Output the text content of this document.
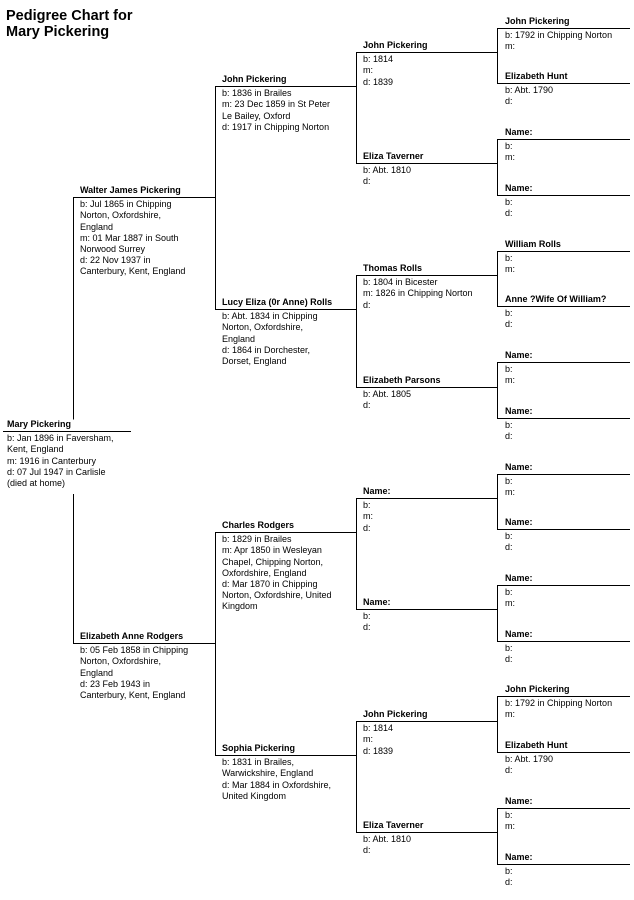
Pedigree Chart for
Mary Pickering
Mary Pickering
b: Jan 1896 in Faversham,
Kent, England
m: 1916 in Canterbury
d: 07 Jul 1947 in Carlisle
(died at home)
Walter James Pickering
b: Jul 1865 in Chipping
Norton, Oxfordshire,
England
m: 01 Mar 1887 in South
Norwood Surrey
d: 22 Nov 1937 in
Canterbury, Kent, England
Elizabeth Anne Rodgers
b: 05 Feb 1858 in Chipping
Norton, Oxfordshire,
England
d: 23 Feb 1943 in
Canterbury, Kent, England
John Pickering
b: 1836 in Brailes
m: 23 Dec 1859 in St Peter
Le Bailey, Oxford
d: 1917 in Chipping Norton
Lucy Eliza (0r Anne) Rolls
b: Abt. 1834 in Chipping
Norton, Oxfordshire,
England
d: 1864 in Dorchester,
Dorset, England
Charles Rodgers
b: 1829 in Brailes
m: Apr 1850 in Wesleyan
Chapel, Chipping Norton,
Oxfordshire, England
d: Mar 1870 in Chipping
Norton, Oxfordshire, United
Kingdom
Sophia Pickering
b: 1831 in Brailes,
Warwickshire, England
d: Mar 1884 in Oxfordshire,
United Kingdom
John Pickering
b: 1814
m:
d: 1839
Eliza Taverner
b: Abt. 1810
d:
Thomas Rolls
b: 1804 in Bicester
m: 1826 in Chipping Norton
d:
Elizabeth Parsons
b: Abt. 1805
d:
Name:
b:
m:
d:
Name:
b:
d:
John Pickering
b: 1814
m:
d: 1839
Eliza Taverner
b: Abt. 1810
d:
John Pickering
b: 1792 in Chipping Norton
m:
Elizabeth Hunt
b: Abt. 1790
d:
Name:
b:
m:
Name:
b:
d:
William Rolls
b:
m:
Anne ?Wife Of William?
b:
d:
Name:
b:
m:
Name:
b:
d:
Name:
b:
m:
Name:
b:
d:
Name:
b:
m:
Name:
b:
d:
John Pickering
b: 1792 in Chipping Norton
m:
Elizabeth Hunt
b: Abt. 1790
d:
Name:
b:
m:
Name:
b:
d:
